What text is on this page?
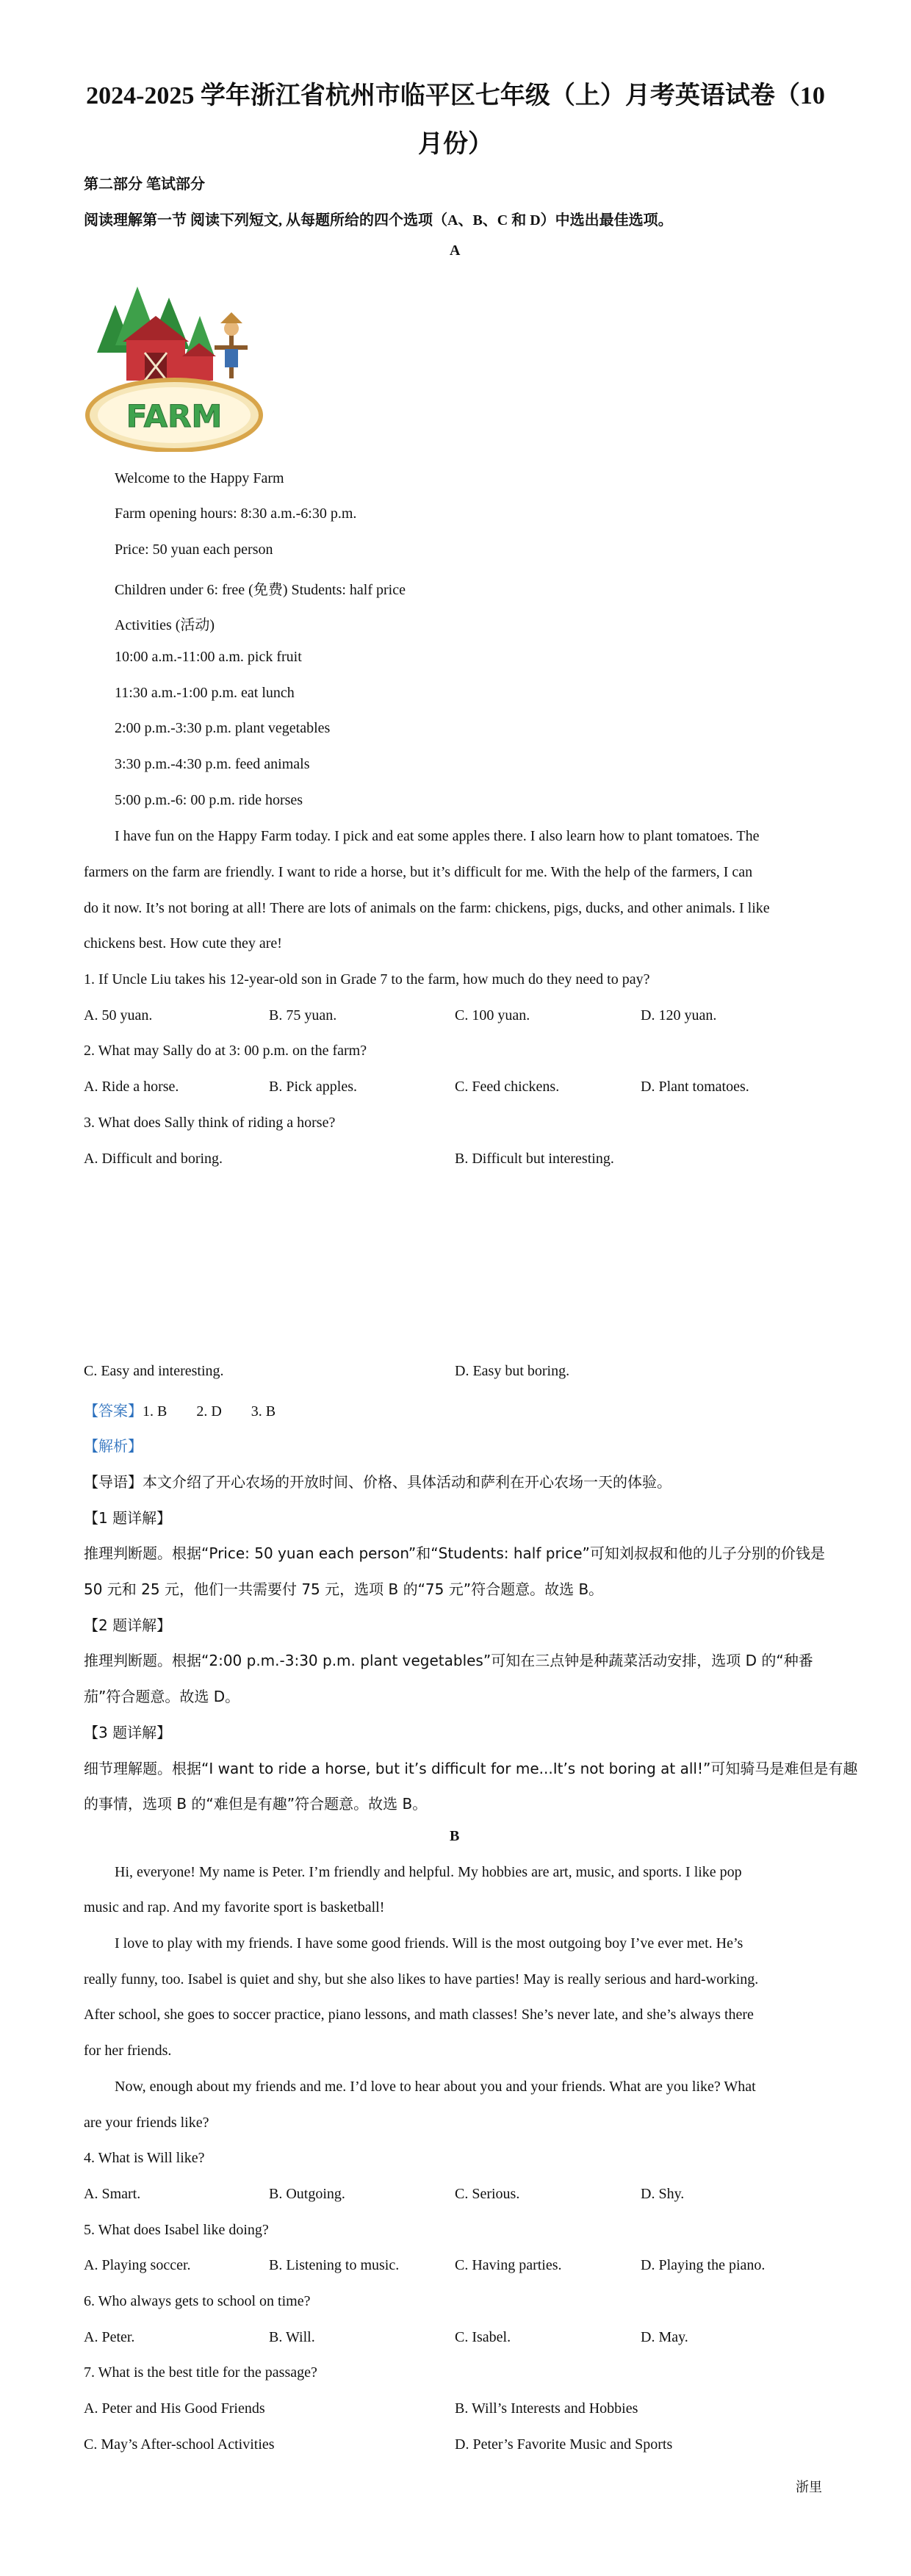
2024-2025 学年浙江省杭州市临平区七年级（上）月考英语试卷（10
月份）
第二部分 笔试部分
阅读理解第一节 阅读下列短文, 从每题所给的四个选项（A、B、C 和 D）中选出最佳选项。
A
FARM
Welcome to the Happy Farm
Farm opening hours: 8:30 a.m.-6:30 p.m.
Price: 50 yuan each person
Children under 6: free (免费) Students: half price
Activities (活动)
10:00 a.m.-11:00 a.m. pick fruit
11:30 a.m.-1:00 p.m. eat lunch
2:00 p.m.-3:30 p.m. plant vegetables
3:30 p.m.-4:30 p.m. feed animals
5:00 p.m.-6: 00 p.m. ride horses
I have fun on the Happy Farm today. I pick and eat some apples there. I also learn how to plant tomatoes. The
farmers on the farm are friendly. I want to ride a horse, but it’s difficult for me. With the help of the farmers, I can
do it now. It’s not boring at all! There are lots of animals on the farm: chickens, pigs, ducks, and other animals. I like
chickens best. How cute they are!
1. If Uncle Liu takes his 12-year-old son in Grade 7 to the farm, how much do they need to pay?
A. 50 yuan.	B. 75 yuan.	C. 100 yuan.	D. 120 yuan.
2. What may Sally do at 3: 00 p.m. on the farm?
A. Ride a horse.	B. Pick apples.	C. Feed chickens.	D. Plant tomatoes.
3. What does Sally think of riding a horse?
A. Difficult and boring.	B. Difficult but interesting.
C. Easy and interesting.	D. Easy but boring.
【答案】1. B        2. D        3. B
【解析】
【导语】本文介绍了开心农场的开放时间、价格、具体活动和萨利在开心农场一天的体验。
【1 题详解】
推理判断题。根据“Price: 50 yuan each person”和“Students: half price”可知刘叔叔和他的儿子分别的价钱是
50 元和 25 元，他们一共需要付 75 元，选项 B 的“75 元”符合题意。故选 B。
【2 题详解】
推理判断题。根据“2:00 p.m.-3:30 p.m. plant vegetables”可知在三点钟是种蔬菜活动安排，选项 D 的“种番
茄”符合题意。故选 D。
【3 题详解】
细节理解题。根据“I want to ride a horse, but it’s difficult for me...It’s not boring at all!”可知骑马是难但是有趣
的事情，选项 B 的“难但是有趣”符合题意。故选 B。
B
Hi, everyone! My name is Peter. I’m friendly and helpful. My hobbies are art, music, and sports. I like pop
music and rap. And my favorite sport is basketball!
I love to play with my friends. I have some good friends. Will is the most outgoing boy I’ve ever met. He’s
really funny, too. Isabel is quiet and shy, but she also likes to have parties! May is really serious and hard-working.
After school, she goes to soccer practice, piano lessons, and math classes! She’s never late, and she’s always there
for her friends.
Now, enough about my friends and me. I’d love to hear about you and your friends. What are you like? What
are your friends like?
4. What is Will like?
A. Smart.	B. Outgoing.	C. Serious.	D. Shy.
5. What does Isabel like doing?
A. Playing soccer.	B. Listening to music.	C. Having parties.	D. Playing the piano.
6. Who always gets to school on time?
A. Peter.	B. Will.	C. Isabel.	D. May.
7. What is the best title for the passage?
A. Peter and His Good Friends	B. Will’s Interests and Hobbies
C. May’s After-school Activities	D. Peter’s Favorite Music and Sports
浙里
